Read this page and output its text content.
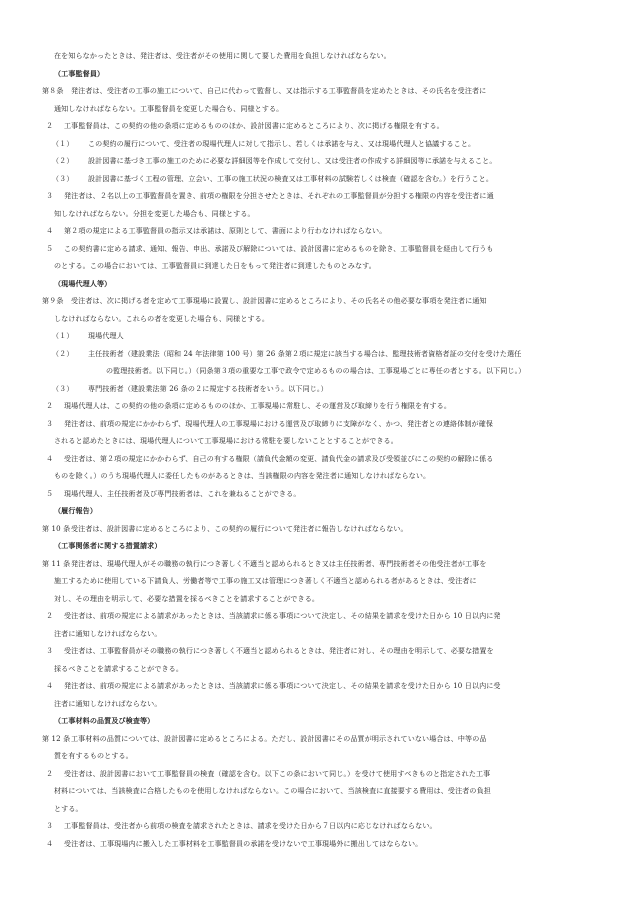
在を知らなかったときは、発注者は、受注者がその使用に関して要した費用を負担しなければならない。
（工事監督員）
第８条 発注者は、受注者の工事の施工について、自己に代わって監督し、又は指示する工事監督員を定めたときは、その氏名を受注者に
通知しなければならない。工事監督員を変更した場合も、同様とする。
２ 工事監督員は、この契約の他の条項に定めるもののほか、設計図書に定めるところにより、次に掲げる権限を有する。
（１） この契約の履行について、受注者の現場代理人に対して指示し、若しくは承諾を与え、又は現場代理人と協議すること。
（２） 設計図書に基づき工事の施工のために必要な詳細図等を作成して交付し、又は受注者の作成する詳細図等に承諾を与えること。
（３） 設計図書に基づく工程の管理、立会い、工事の施工状況の検査又は工事材料の試験若しくは検査（確認を含む。）を行うこと。
３ 発注者は、２名以上の工事監督員を置き、前項の権限を分担させたときは、それぞれの工事監督員が分担する権限の内容を受注者に通
知しなければならない。分担を変更した場合も、同様とする。
４ 第２項の規定による工事監督員の指示又は承諾は、原則として、書面により行わなければならない。
５ この契約書に定める請求、通知、報告、申出、承諾及び解除については、設計図書に定めるものを除き、工事監督員を経由して行うも
のとする。この場合においては、工事監督員に到達した日をもって発注者に到達したものとみなす。
（現場代理人等）
第９条 受注者は、次に掲げる者を定めて工事現場に設置し、設計図書に定めるところにより、その氏名その他必要な事項を発注者に通知
しなければならない。これらの者を変更した場合も、同様とする。
（１） 現場代理人
（２） 主任技術者（建設業法（昭和 24 年法律第 100 号）第 26 条第２項に規定に該当する場合は、監理技術者資格者証の交付を受けた選任
の監理技術者。以下同じ。）（同条第３項の重要な工事で政令で定めるものの場合は、工事現場ごとに専任の者とする。以下同じ。）
（３） 専門技術者（建設業法第 26 条の２に規定する技術者をいう。以下同じ。）
２ 現場代理人は、この契約の他の条項に定めるもののほか、工事現場に常駐し、その運営及び取締りを行う権限を有する。
３ 発注者は、前項の規定にかかわらず、現場代理人の工事現場における運営及び取締りに支障がなく、かつ、発注者との連絡体制が確保
されると認めたときには、現場代理人について工事現場における常駐を要しないこととすることができる。
４ 受注者は、第２項の規定にかかわらず、自己の有する権限（請負代金額の変更、請負代金の請求及び受領並びにこの契約の解除に係る
ものを除く。）のうち現場代理人に委任したものがあるときは、当該権限の内容を発注者に通知しなければならない。
５ 現場代理人、主任技術者及び専門技術者は、これを兼ねることができる。
（履行報告）
第 10 条受注者は、設計図書に定めるところにより、この契約の履行について発注者に報告しなければならない。
（工事関係者に関する措置請求）
第 11 条発注者は、現場代理人がその職務の執行につき著しく不適当と認められるとき又は主任技術者、専門技術者その他受注者が工事を
施工するために使用している下請負人、労働者等で工事の施工又は管理につき著しく不適当と認められる者があるときは、受注者に
対し、その理由を明示して、必要な措置を採るべきことを請求することができる。
２ 受注者は、前項の規定による請求があったときは、当該請求に係る事項について決定し、その結果を請求を受けた日から 10 日以内に発
注者に通知しなければならない。
３ 受注者は、工事監督員がその職務の執行につき著しく不適当と認められるときは、発注者に対し、その理由を明示して、必要な措置を
採るべきことを請求することができる。
４ 発注者は、前項の規定による請求があったときは、当該請求に係る事項について決定し、その結果を請求を受けた日から 10 日以内に受
注者に通知しなければならない。
（工事材料の品質及び検査等）
第 12 条工事材料の品質については、設計図書に定めるところによる。ただし、設計図書にその品質が明示されていない場合は、中等の品
質を有するものとする。
２ 受注者は、設計図書において工事監督員の検査（確認を含む。以下この条において同じ。）を受けて使用すべきものと指定された工事
材料については、当該検査に合格したものを使用しなければならない。この場合において、当該検査に直接要する費用は、受注者の負担
とする。
３ 工事監督員は、受注者から前項の検査を請求されたときは、請求を受けた日から７日以内に応じなければならない。
４ 受注者は、工事現場内に搬入した工事材料を工事監督員の承諾を受けないで工事現場外に搬出してはならない。
